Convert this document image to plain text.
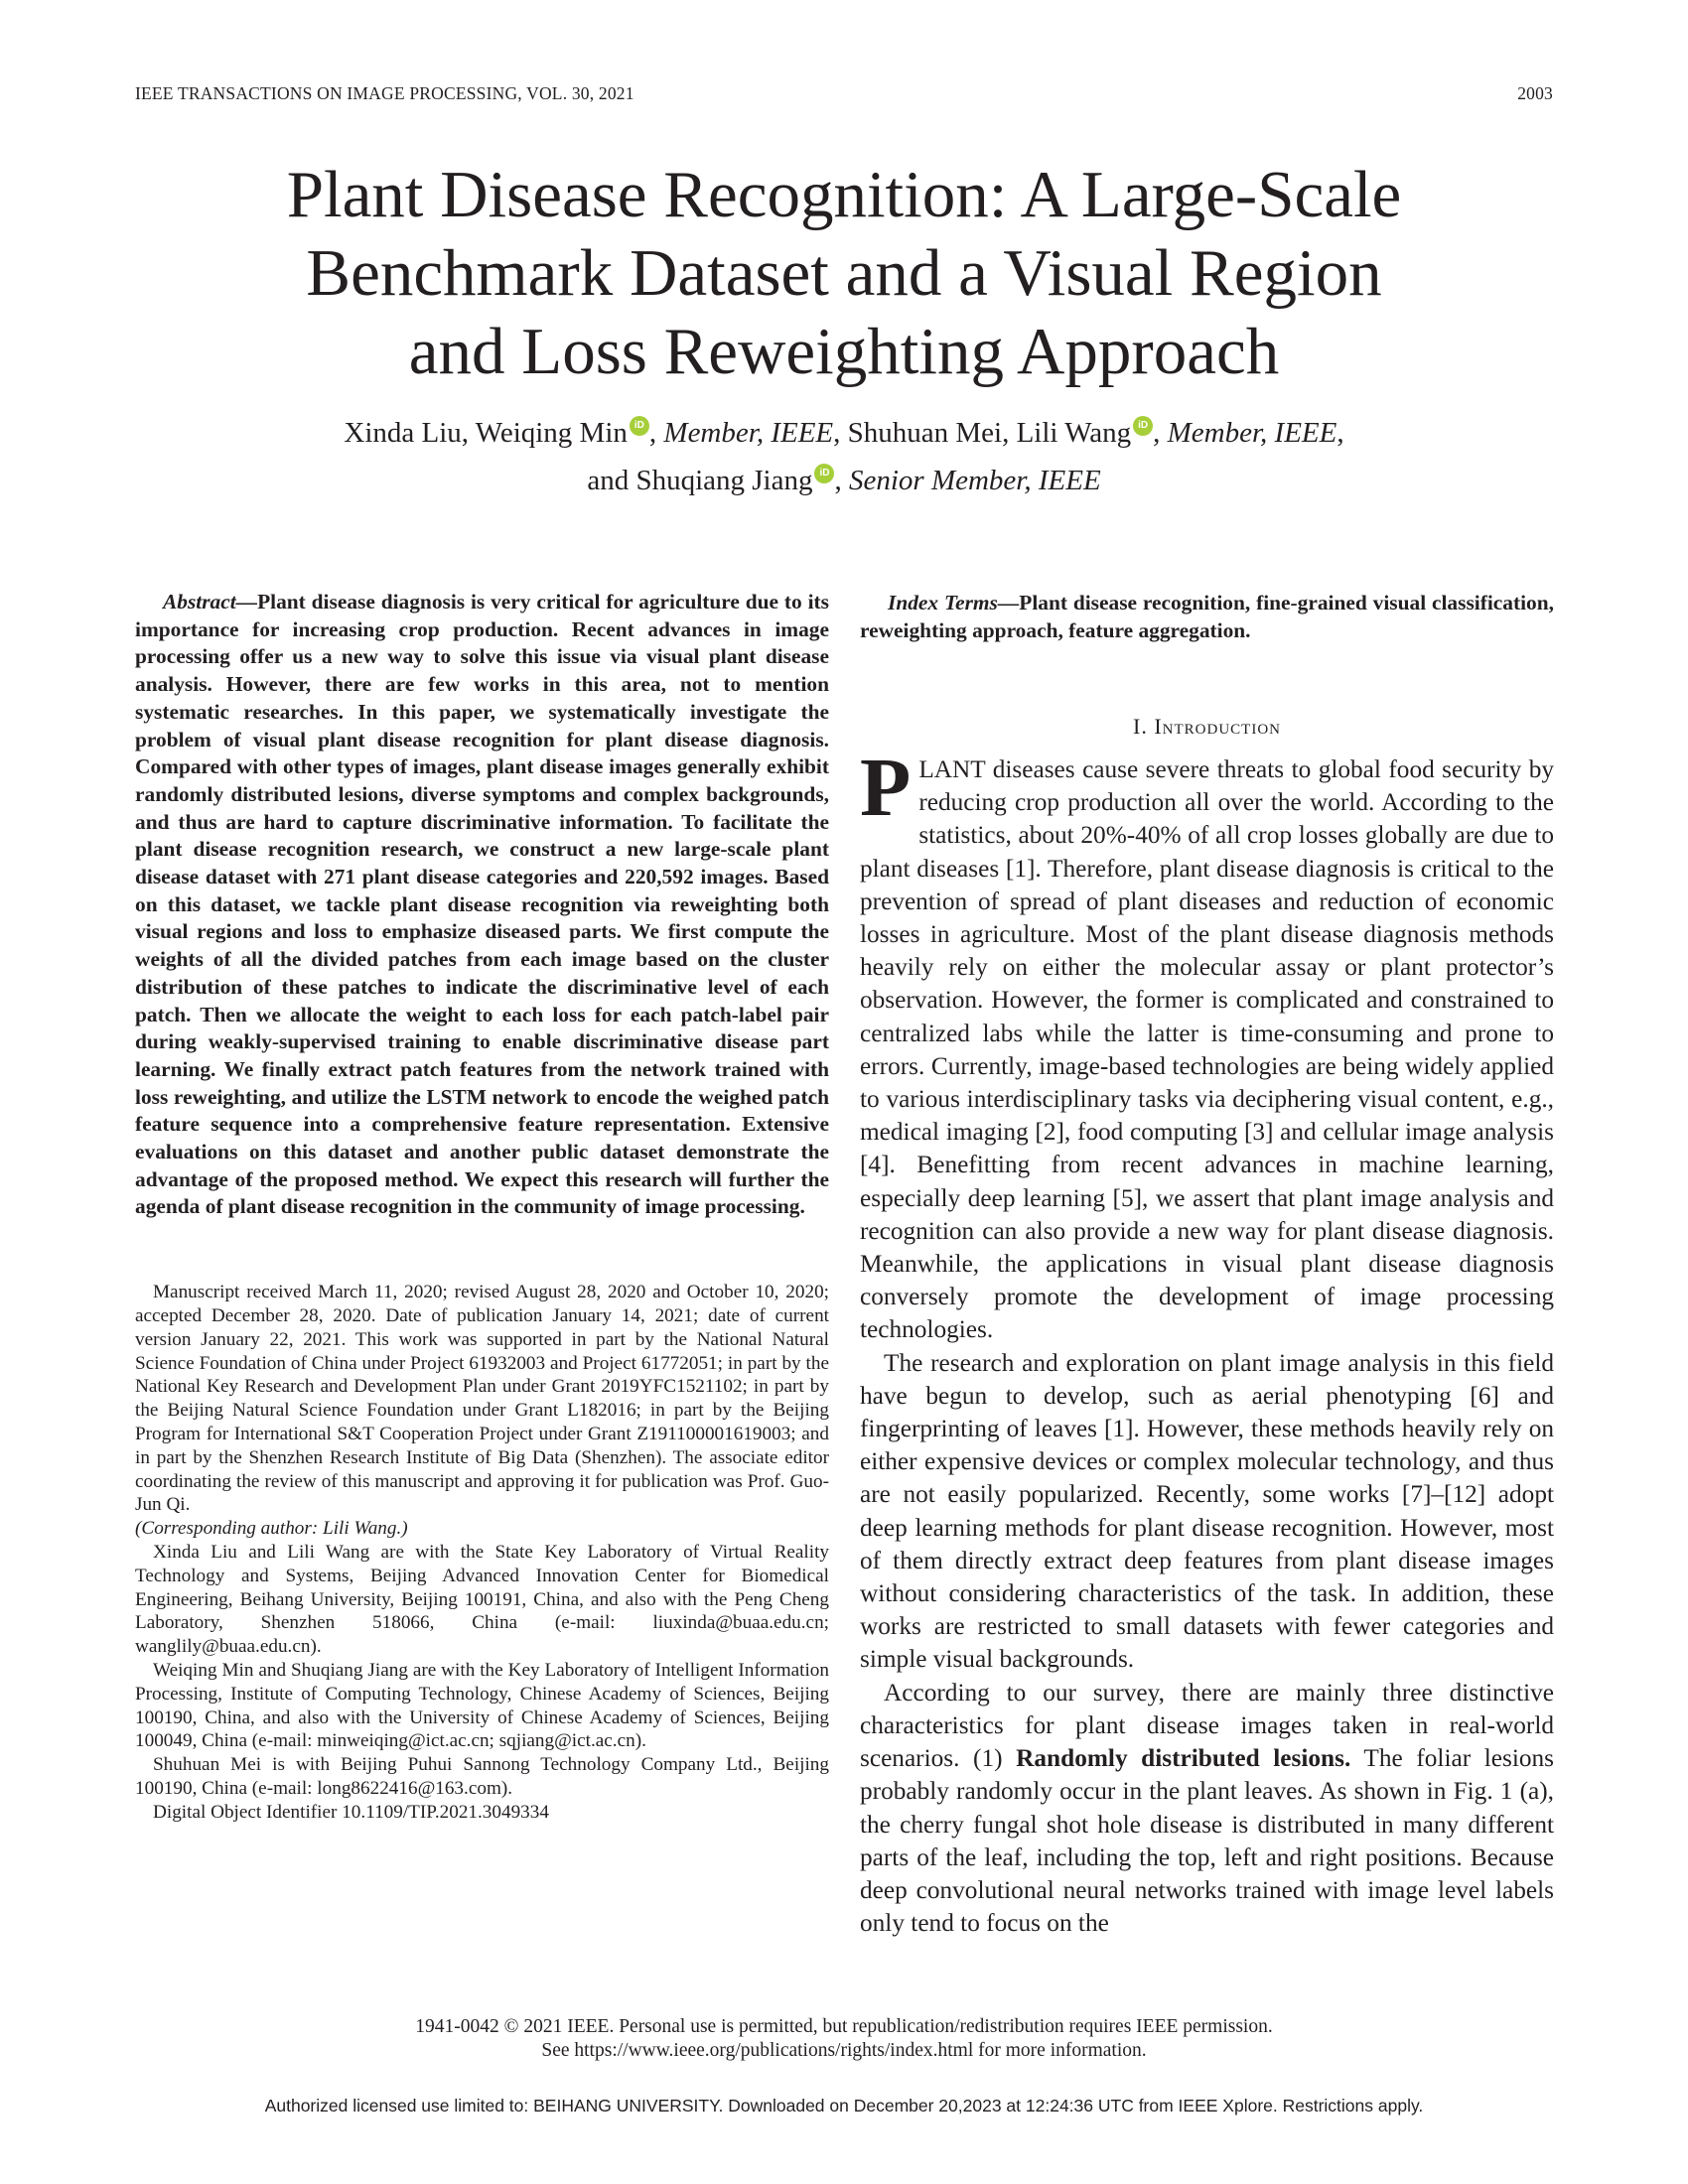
IEEE TRANSACTIONS ON IMAGE PROCESSING, VOL. 30, 2021	2003
Plant Disease Recognition: A Large-Scale
Benchmark Dataset and a Visual Region
and Loss Reweighting Approach
Xinda Liu, Weiqing Min iD , Member, IEEE, Shuhuan Mei, Lili Wang iD , Member, IEEE,
and Shuqiang Jiang iD , Senior Member, IEEE

Abstract—Plant disease diagnosis is very critical for agriculture due to its importance for increasing crop production. Recent advances in image processing offer us a new way to solve this issue via visual plant disease analysis. However, there are few works in this area, not to mention systematic researches. In this paper, we systematically investigate the problem of visual plant disease recognition for plant disease diagnosis. Compared with other types of images, plant disease images generally exhibit randomly distributed lesions, diverse symptoms and complex backgrounds, and thus are hard to capture discriminative information. To facilitate the plant disease recognition research, we construct a new large-scale plant disease dataset with 271 plant disease categories and 220,592 images. Based on this dataset, we tackle plant disease recognition via reweighting both visual regions and loss to emphasize diseased parts. We first compute the weights of all the divided patches from each image based on the cluster distribution of these patches to indicate the discriminative level of each patch. Then we allocate the weight to each loss for each patch-label pair during weakly-supervised training to enable discriminative disease part learning. We finally extract patch features from the network trained with loss reweighting, and utilize the LSTM network to encode the weighed patch feature sequence into a comprehensive feature representation. Extensive evaluations on this dataset and another public dataset demonstrate the advantage of the proposed method. We expect this research will further the agenda of plant disease recognition in the community of image processing.

Manuscript received March 11, 2020; revised August 28, 2020 and October 10, 2020; accepted December 28, 2020. Date of publication January 14, 2021; date of current version January 22, 2021. This work was supported in part by the National Natural Science Foundation of China under Project 61932003 and Project 61772051; in part by the National Key Research and Development Plan under Grant 2019YFC1521102; in part by the Beijing Natural Science Foundation under Grant L182016; in part by the Beijing Program for International S&T Cooperation Project under Grant Z191100001619003; and in part by the Shenzhen Research Institute of Big Data (Shenzhen). The associate editor coordinating the review of this manuscript and approving it for publication was Prof. Guo-Jun Qi.

(Corresponding author: Lili Wang.)

Xinda Liu and Lili Wang are with the State Key Laboratory of Virtual Reality Technology and Systems, Beijing Advanced Innovation Center for Biomedical Engineering, Beihang University, Beijing 100191, China, and also with the Peng Cheng Laboratory, Shenzhen 518066, China (e-mail: liuxinda@buaa.edu.cn; wanglily@buaa.edu.cn).

Weiqing Min and Shuqiang Jiang are with the Key Laboratory of Intelligent Information Processing, Institute of Computing Technology, Chinese Academy of Sciences, Beijing 100190, China, and also with the University of Chinese Academy of Sciences, Beijing 100049, China (e-mail: minweiqing@ict.ac.cn; sqjiang@ict.ac.cn).

Shuhuan Mei is with Beijing Puhui Sannong Technology Company Ltd., Beijing 100190, China (e-mail: long8622416@163.com).

Digital Object Identifier 10.1109/TIP.2021.3049334

Index Terms—Plant disease recognition, fine-grained visual classification, reweighting approach, feature aggregation.

I. Introduction

PLANT diseases cause severe threats to global food security by reducing crop production all over the world. According to the statistics, about 20%-40% of all crop losses globally are due to plant diseases [1]. Therefore, plant disease diagnosis is critical to the prevention of spread of plant diseases and reduction of economic losses in agriculture. Most of the plant disease diagnosis methods heavily rely on either the molecular assay or plant protector’s observation. However, the former is complicated and constrained to centralized labs while the latter is time-consuming and prone to errors. Currently, image-based technologies are being widely applied to various interdisciplinary tasks via deciphering visual content, e.g., medical imaging [2], food computing [3] and cellular image analysis [4]. Benefitting from recent advances in machine learning, especially deep learning [5], we assert that plant image analysis and recognition can also provide a new way for plant disease diagnosis. Meanwhile, the applications in visual plant disease diagnosis conversely promote the development of image processing technologies.

The research and exploration on plant image analysis in this field have begun to develop, such as aerial phenotyping [6] and fingerprinting of leaves [1]. However, these methods heavily rely on either expensive devices or complex molecular technology, and thus are not easily popularized. Recently, some works [7]–[12] adopt deep learning methods for plant disease recognition. However, most of them directly extract deep features from plant disease images without considering characteristics of the task. In addition, these works are restricted to small datasets with fewer categories and simple visual backgrounds.

According to our survey, there are mainly three distinctive characteristics for plant disease images taken in real-world scenarios. (1) Randomly distributed lesions. The foliar lesions probably randomly occur in the plant leaves. As shown in Fig. 1 (a), the cherry fungal shot hole disease is distributed in many different parts of the leaf, including the top, left and right positions. Because deep convolutional neural networks trained with image level labels only tend to focus on the

1941-0042 © 2021 IEEE. Personal use is permitted, but republication/redistribution requires IEEE permission.
See https://www.ieee.org/publications/rights/index.html for more information.
Authorized licensed use limited to: BEIHANG UNIVERSITY. Downloaded on December 20,2023 at 12:24:36 UTC from IEEE Xplore. Restrictions apply.
